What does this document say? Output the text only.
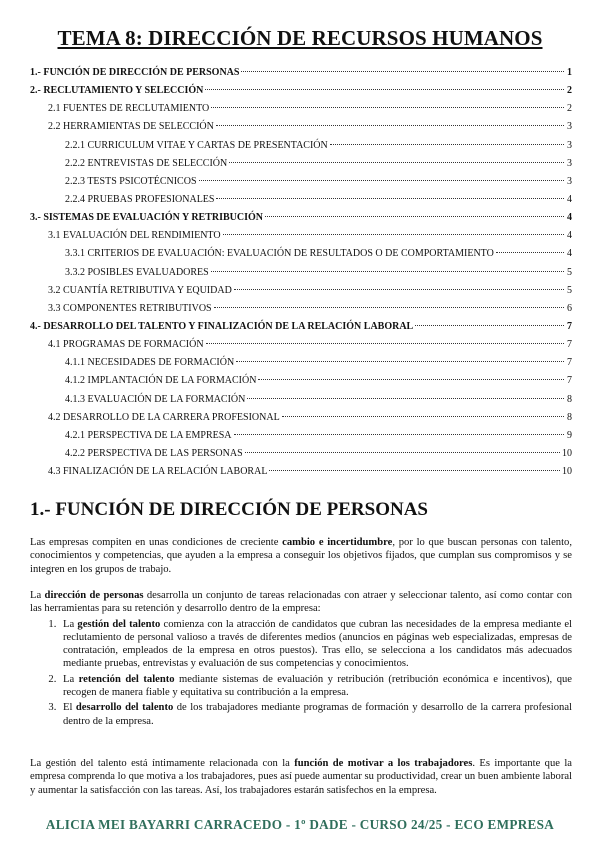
TEMA 8: DIRECCIÓN DE RECURSOS HUMANOS
1.- FUNCIÓN DE DIRECCIÓN DE PERSONAS	1
2.- RECLUTAMIENTO Y SELECCIÓN	2
2.1 FUENTES DE RECLUTAMIENTO	2
2.2 HERRAMIENTAS DE SELECCIÓN	3
2.2.1 CURRICULUM VITAE Y CARTAS DE PRESENTACIÓN	3
2.2.2 ENTREVISTAS DE SELECCIÓN	3
2.2.3 TESTS PSICOTÉCNICOS	3
2.2.4 PRUEBAS PROFESIONALES	4
3.- SISTEMAS DE EVALUACIÓN Y RETRIBUCIÓN	4
3.1 EVALUACIÓN DEL RENDIMIENTO	4
3.3.1 CRITERIOS DE EVALUACIÓN: EVALUACIÓN DE RESULTADOS O DE COMPORTAMIENTO	4
3.3.2 POSIBLES EVALUADORES	5
3.2 CUANTÍA RETRIBUTIVA Y EQUIDAD	5
3.3 COMPONENTES RETRIBUTIVOS	6
4.- DESARROLLO DEL TALENTO Y FINALIZACIÓN DE LA RELACIÓN LABORAL	7
4.1 PROGRAMAS DE FORMACIÓN	7
4.1.1 NECESIDADES DE FORMACIÓN	7
4.1.2 IMPLANTACIÓN DE LA FORMACIÓN	7
4.1.3 EVALUACIÓN DE LA FORMACIÓN	8
4.2 DESARROLLO DE LA CARRERA PROFESIONAL	8
4.2.1 PERSPECTIVA DE LA EMPRESA	9
4.2.2 PERSPECTIVA DE LAS PERSONAS	10
4.3 FINALIZACIÓN DE LA RELACIÓN LABORAL	10
1.- FUNCIÓN DE DIRECCIÓN DE PERSONAS
Las empresas compiten en unas condiciones de creciente cambio e incertidumbre, por lo que buscan personas con talento, conocimientos y competencias, que ayuden a la empresa a conseguir los objetivos fijados, que cumplan sus compromisos y se integren en los grupos de trabajo.
La dirección de personas desarrolla un conjunto de tareas relacionadas con atraer y seleccionar talento, así como contar con las herramientas para su retención y desarrollo dentro de la empresa:
1. La gestión del talento comienza con la atracción de candidatos que cubran las necesidades de la empresa mediante el reclutamiento de personal valioso a través de diferentes medios (anuncios en páginas web especializadas, empresas de contratación, empleados de la empresa en otros puestos). Tras ello, se selecciona a los candidatos más adecuados mediante pruebas, entrevistas y evaluación de sus competencias y conocimientos.
2. La retención del talento mediante sistemas de evaluación y retribución (retribución económica e incentivos), que recogen de manera fiable y equitativa su contribución a la empresa.
3. El desarrollo del talento de los trabajadores mediante programas de formación y desarrollo de la carrera profesional dentro de la empresa.
La gestión del talento está íntimamente relacionada con la función de motivar a los trabajadores. Es importante que la empresa comprenda lo que motiva a los trabajadores, pues así puede aumentar su productividad, crear un buen ambiente laboral y aumentar la satisfacción con las tareas. Así, los trabajadores estarán satisfechos en la empresa.
ALICIA MEI BAYARRI CARRACEDO - 1º DADE - CURSO 24/25 - ECO EMPRESA
